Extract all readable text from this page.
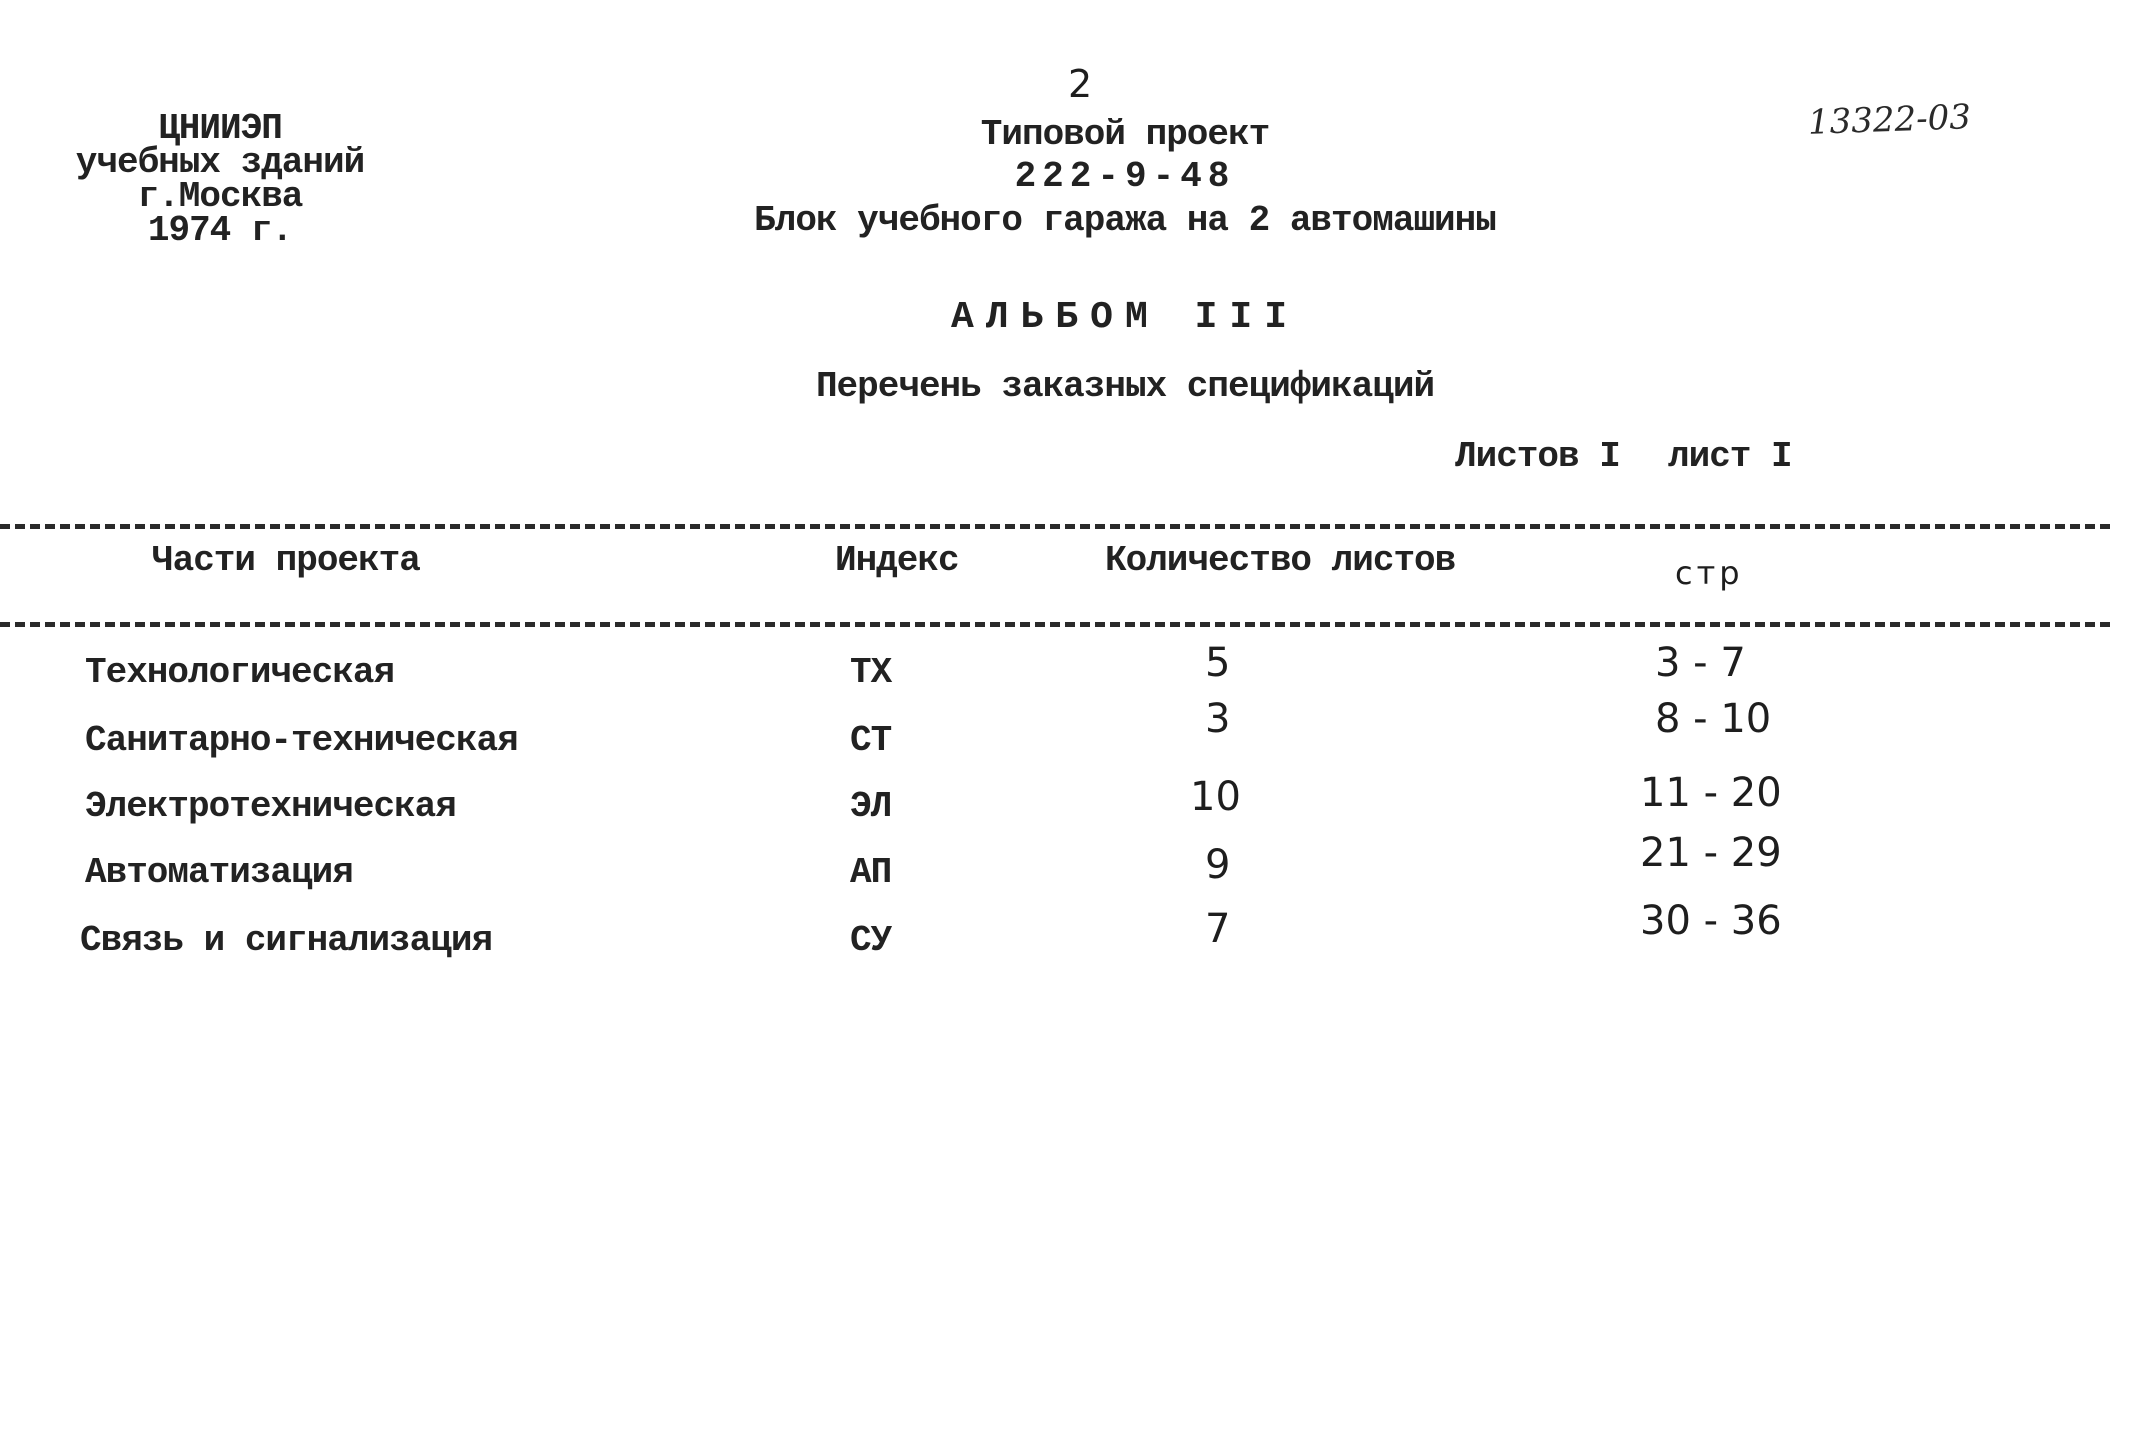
2
ЦНИИЭП
учебных зданий
г.Москва
1974 г.
13322-03
Типовой проект
222-9-48
Блок учебного гаража на 2 автомашины
АЛЬБОМ III
Перечень заказных спецификаций
Листов I лист I
Части проекта	Индекс	Количество листов	стр
Технологическая	ТХ	5	3 - 7
Санитарно-техническая	СТ	3	8 - 10
Электротехническая	ЭЛ	10	11 - 20
Автоматизация	АП	9	21 - 29
Связь и сигнализация	СУ	7	30 - 36
